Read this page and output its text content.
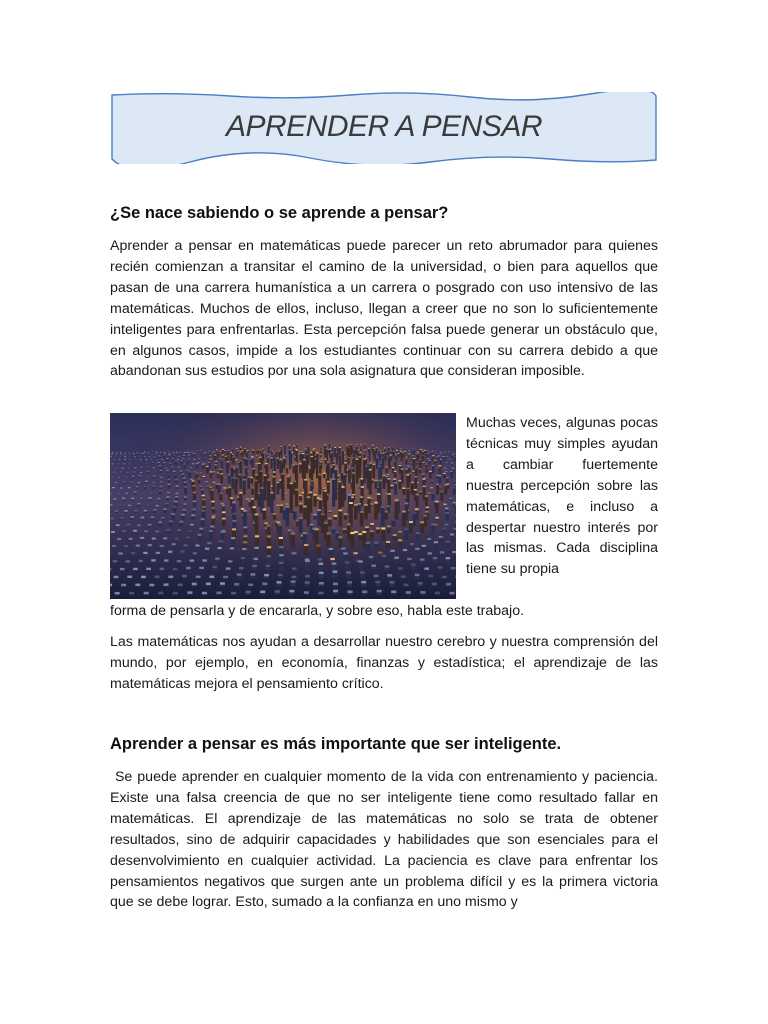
APRENDER A PENSAR
¿Se nace sabiendo o se aprende a pensar?

Aprender a pensar en matemáticas puede parecer un reto abrumador para quienes recién comienzan a transitar el camino de la universidad, o bien para aquellos que pasan de una carrera humanística a un carrera o posgrado con uso intensivo de las matemáticas. Muchos de ellos, incluso, llegan a creer que no son lo suficientemente inteligentes para enfrentarlas. Esta percepción falsa puede generar un obstáculo que, en algunos casos, impide a los estudiantes continuar con su carrera debido a que abandonan sus estudios por una sola asignatura que consideran imposible.

Muchas veces, algunas pocas técnicas muy simples ayudan a cambiar fuertemente nuestra percepción sobre las matemáticas, e incluso a despertar nuestro interés por las mismas. Cada disciplina tiene su propia

forma de pensarla y de encararla, y sobre eso, habla este trabajo.

Las matemáticas nos ayudan a desarrollar nuestro cerebro y nuestra comprensión del mundo, por ejemplo, en economía, finanzas y estadística; el aprendizaje de las matemáticas mejora el pensamiento crítico.

Aprender a pensar es más importante que ser inteligente.

Se puede aprender en cualquier momento de la vida con entrenamiento y paciencia. Existe una falsa creencia de que no ser inteligente tiene como resultado fallar en matemáticas. El aprendizaje de las matemáticas no solo se trata de obtener resultados, sino de adquirir capacidades y habilidades que son esenciales para el desenvolvimiento en cualquier actividad. La paciencia es clave para enfrentar los pensamientos negativos que surgen ante un problema difícil y es la primera victoria que se debe lograr. Esto, sumado a la confianza en uno mismo y
